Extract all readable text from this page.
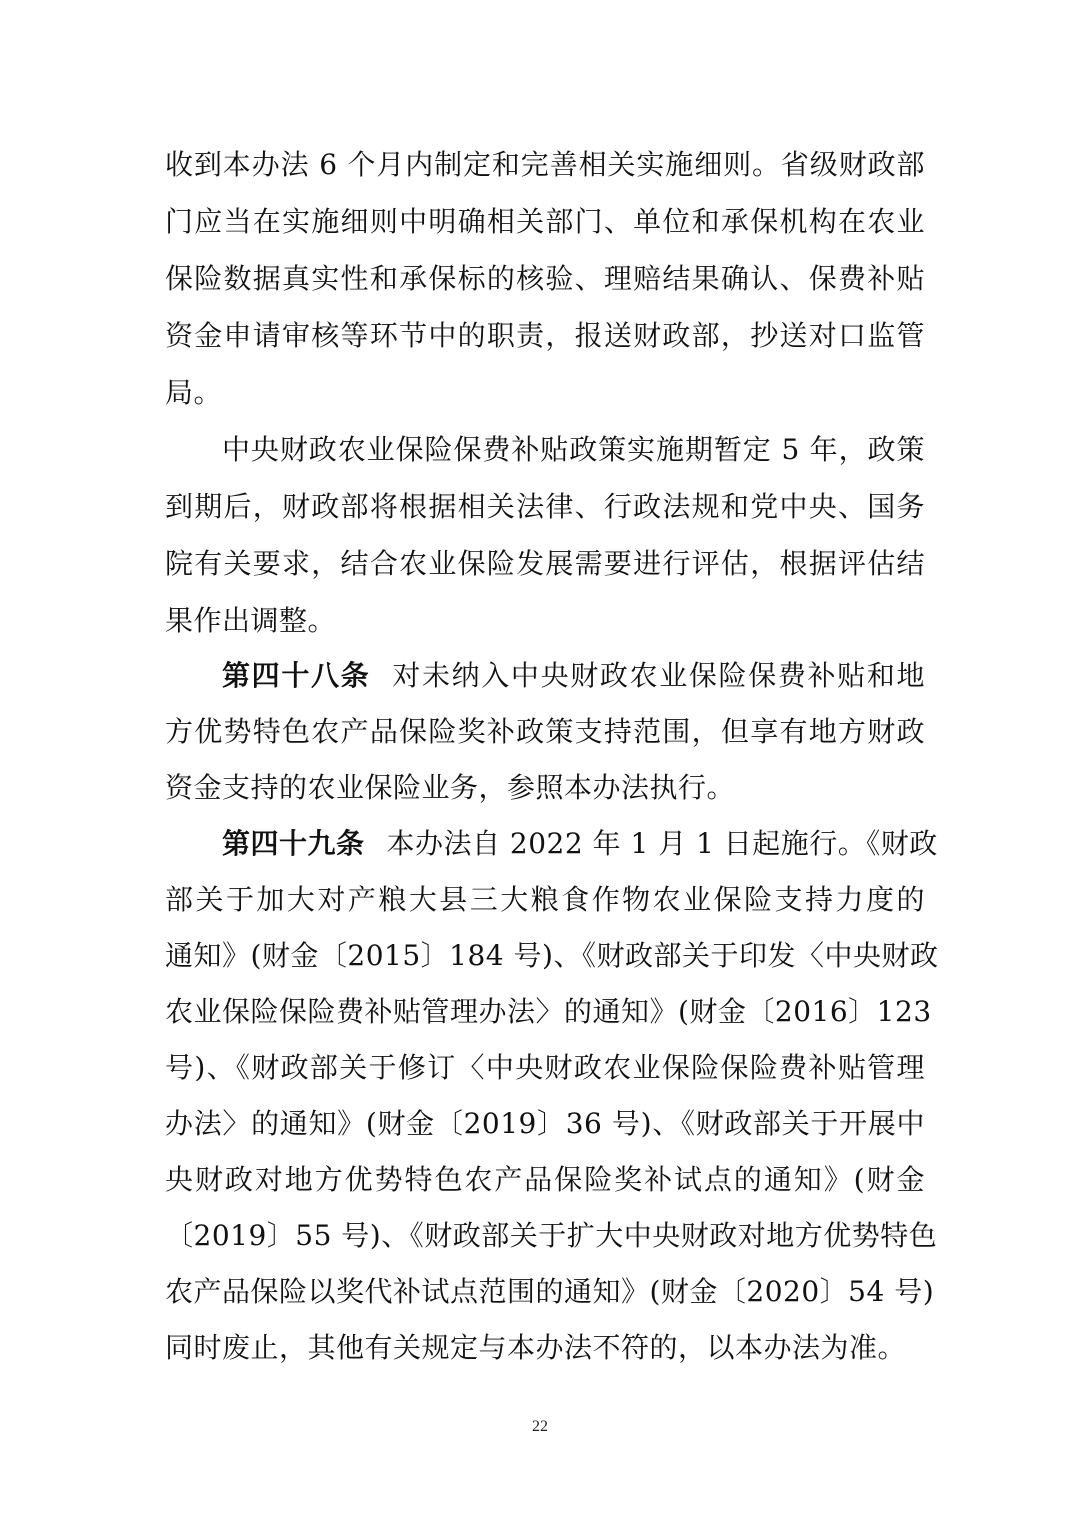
收到本办法 6 个月内制定和完善相关实施细则。省级财政部
门应当在实施细则中明确相关部门、单位和承保机构在农业
保险数据真实性和承保标的核验、理赔结果确认、保费补贴
资金申请审核等环节中的职责，报送财政部，抄送对口监管
局。
中央财政农业保险保费补贴政策实施期暂定 5 年，政策
到期后，财政部将根据相关法律、行政法规和党中央、国务
院有关要求，结合农业保险发展需要进行评估，根据评估结
果作出调整。
第四十八条 对未纳入中央财政农业保险保费补贴和地
方优势特色农产品保险奖补政策支持范围，但享有地方财政
资金支持的农业保险业务，参照本办法执行。
第四十九条 本办法自 2022 年 1 月 1 日起施行。《财政
部关于加大对产粮大县三大粮食作物农业保险支持力度的
通知》(财金〔2015〕184 号)、《财政部关于印发〈中央财政
农业保险保险费补贴管理办法〉的通知》(财金〔2016〕123
号)、《财政部关于修订〈中央财政农业保险保险费补贴管理
办法〉的通知》(财金〔2019〕36 号)、《财政部关于开展中
央财政对地方优势特色农产品保险奖补试点的通知》(财金
〔2019〕55 号)、《财政部关于扩大中央财政对地方优势特色
农产品保险以奖代补试点范围的通知》(财金〔2020〕54 号)
同时废止，其他有关规定与本办法不符的，以本办法为准。
22
